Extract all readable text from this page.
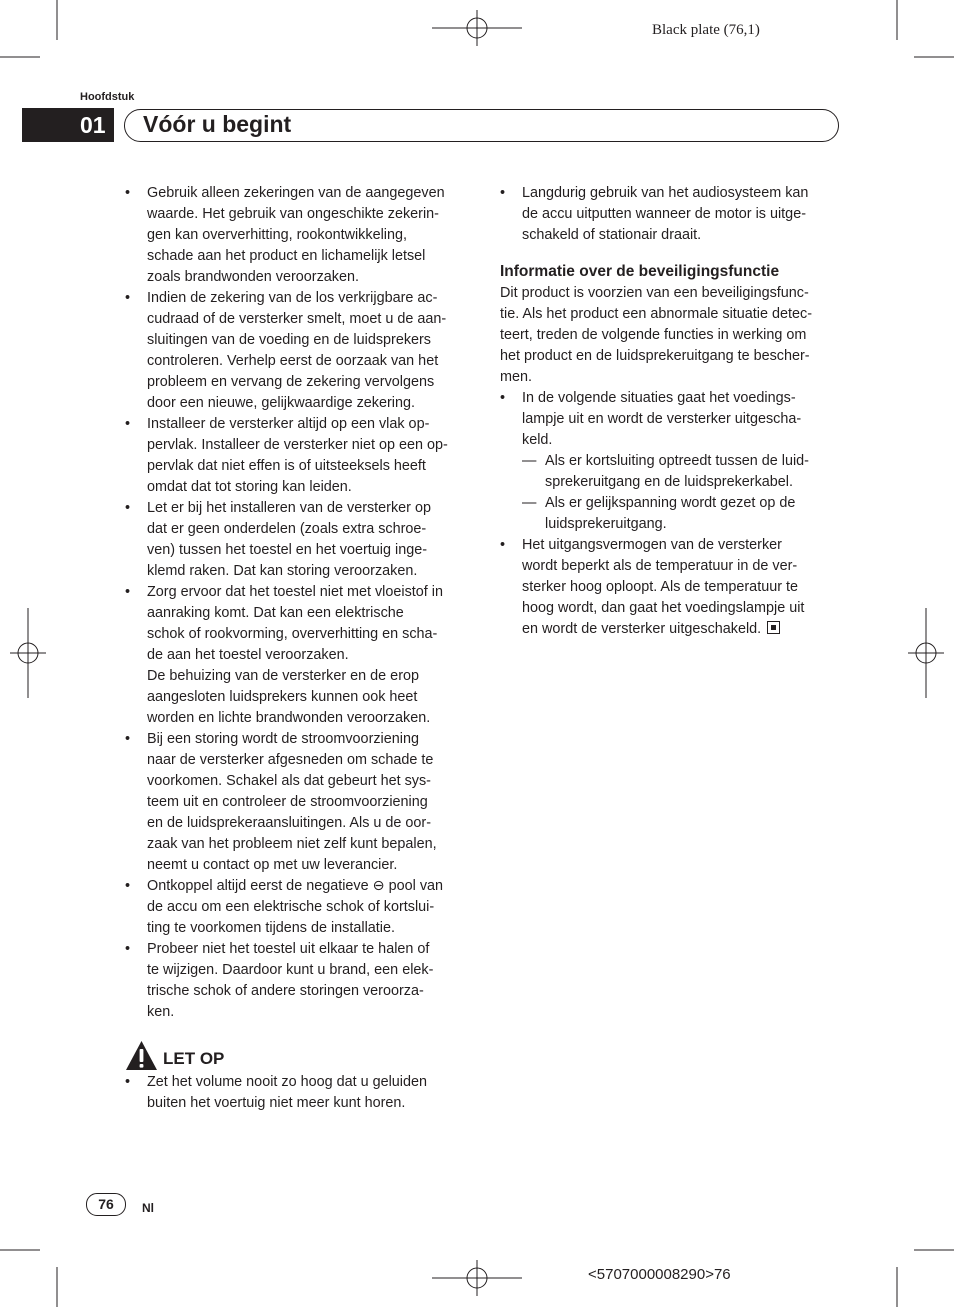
Black plate (76,1)
Hoofdstuk
01 Vóór u begint
• Gebruik alleen zekeringen van de aangegeven
waarde. Het gebruik van ongeschikte zekerin-
gen kan oververhitting, rookontwikkeling,
schade aan het product en lichamelijk letsel
zoals brandwonden veroorzaken.
• Indien de zekering van de los verkrijgbare ac-
cudraad of de versterker smelt, moet u de aan-
sluitingen van de voeding en de luidsprekers
controleren. Verhelp eerst de oorzaak van het
probleem en vervang de zekering vervolgens
door een nieuwe, gelijkwaardige zekering.
• Installeer de versterker altijd op een vlak op-
pervlak. Installeer de versterker niet op een op-
pervlak dat niet effen is of uitsteeksels heeft
omdat dat tot storing kan leiden.
• Let er bij het installeren van de versterker op
dat er geen onderdelen (zoals extra schroe-
ven) tussen het toestel en het voertuig inge-
klemd raken. Dat kan storing veroorzaken.
• Zorg ervoor dat het toestel niet met vloeistof in
aanraking komt. Dat kan een elektrische
schok of rookvorming, oververhitting en scha-
de aan het toestel veroorzaken.
De behuizing van de versterker en de erop
aangesloten luidsprekers kunnen ook heet
worden en lichte brandwonden veroorzaken.
• Bij een storing wordt de stroomvoorziening
naar de versterker afgesneden om schade te
voorkomen. Schakel als dat gebeurt het sys-
teem uit en controleer de stroomvoorziening
en de luidsprekeraansluitingen. Als u de oor-
zaak van het probleem niet zelf kunt bepalen,
neemt u contact op met uw leverancier.
• Ontkoppel altijd eerst de negatieve ⊖ pool van
de accu om een elektrische schok of kortslui-
ting te voorkomen tijdens de installatie.
• Probeer niet het toestel uit elkaar te halen of
te wijzigen. Daardoor kunt u brand, een elek-
trische schok of andere storingen veroorza-
ken.
LET OP
• Zet het volume nooit zo hoog dat u geluiden
buiten het voertuig niet meer kunt horen.
• Langdurig gebruik van het audiosysteem kan
de accu uitputten wanneer de motor is uitge-
schakeld of stationair draait.
Informatie over de beveiligingsfunctie
Dit product is voorzien van een beveiligingsfunc-
tie. Als het product een abnormale situatie detec-
teert, treden de volgende functies in werking om
het product en de luidsprekeruitgang te bescher-
men.
• In de volgende situaties gaat het voedings-
lampje uit en wordt de versterker uitgescha-
keld.
— Als er kortsluiting optreedt tussen de luid-
sprekeruitgang en de luidsprekerkabel.
— Als er gelijkspanning wordt gezet op de
luidsprekeruitgang.
• Het uitgangsvermogen van de versterker
wordt beperkt als de temperatuur in de ver-
sterker hoog oploopt. Als de temperatuur te
hoog wordt, dan gaat het voedingslampje uit
en wordt de versterker uitgeschakeld.
76	Nl
<5707000008290>76
